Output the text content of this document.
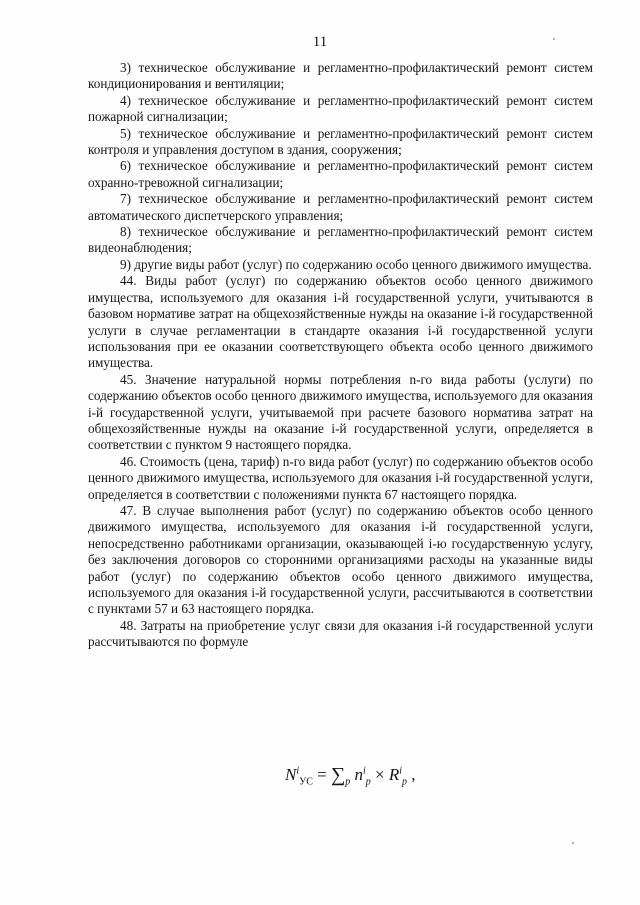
11

3) техническое обслуживание и регламентно-профилактический ремонт систем кондиционирования и вентиляции;

4) техническое обслуживание и регламентно-профилактический ремонт систем пожарной сигнализации;

5) техническое обслуживание и регламентно-профилактический ремонт систем контроля и управления доступом в здания, сооружения;

6) техническое обслуживание и регламентно-профилактический ремонт систем охранно-тревожной сигнализации;

7) техническое обслуживание и регламентно-профилактический ремонт систем автоматического диспетчерского управления;

8) техническое обслуживание и регламентно-профилактический ремонт систем видеонаблюдения;

9) другие виды работ (услуг) по содержанию особо ценного движимого имущества.

44. Виды работ (услуг) по содержанию объектов особо ценного движимого имущества, используемого для оказания i-й государственной услуги, учитываются в базовом нормативе затрат на общехозяйственные нужды на оказание i-й государственной услуги в случае регламентации в стандарте оказания i-й государственной услуги использования при ее оказании соответствующего объекта особо ценного движимого имущества.

45. Значение натуральной нормы потребления n-го вида работы (услуги) по содержанию объектов особо ценного движимого имущества, используемого для оказания i-й государственной услуги, учитываемой при расчете базового норматива затрат на общехозяйственные нужды на оказание i-й государственной услуги, определяется в соответствии с пунктом 9 настоящего порядка.

46. Стоимость (цена, тариф) n-го вида работ (услуг) по содержанию объектов особо ценного движимого имущества, используемого для оказания i-й государственной услуги, определяется в соответствии с положениями пункта 67 настоящего порядка.

47. В случае выполнения работ (услуг) по содержанию объектов особо ценного движимого имущества, используемого для оказания i-й государственной услуги, непосредственно работниками организации, оказывающей i-ю государственную услугу, без заключения договоров со сторонними организациями расходы на указанные виды работ (услуг) по содержанию объектов особо ценного движимого имущества, используемого для оказания i-й государственной услуги, рассчитываются в соответствии с пунктами 57 и 63 настоящего порядка.

48. Затраты на приобретение услуг связи для оказания i-й государственной услуги рассчитываются по формуле

$N^i_{УС} = \sum_p$ $n^i_p \times R^i_p$ ,
